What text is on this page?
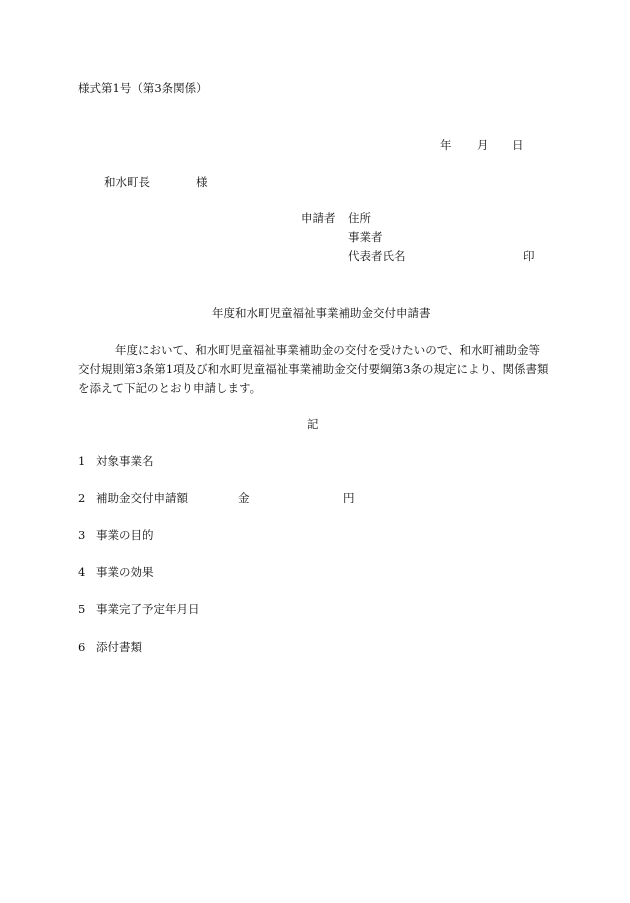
様式第1号（第3条関係）
年 月 日
和水町長	様
申請者 住所
事業者
代表者氏名	印
年度和水町児童福祉事業補助金交付申請書
年度において、和水町児童福祉事業補助金の交付を受けたいので、和水町補助金等
交付規則第3条第1項及び和水町児童福祉事業補助金交付要綱第3条の規定により、関係書類
を添えて下記のとおり申請します。
記
1 対象事業名
2 補助金交付申請額	金	円
3 事業の目的
4 事業の効果
5 事業完了予定年月日
6 添付書類
